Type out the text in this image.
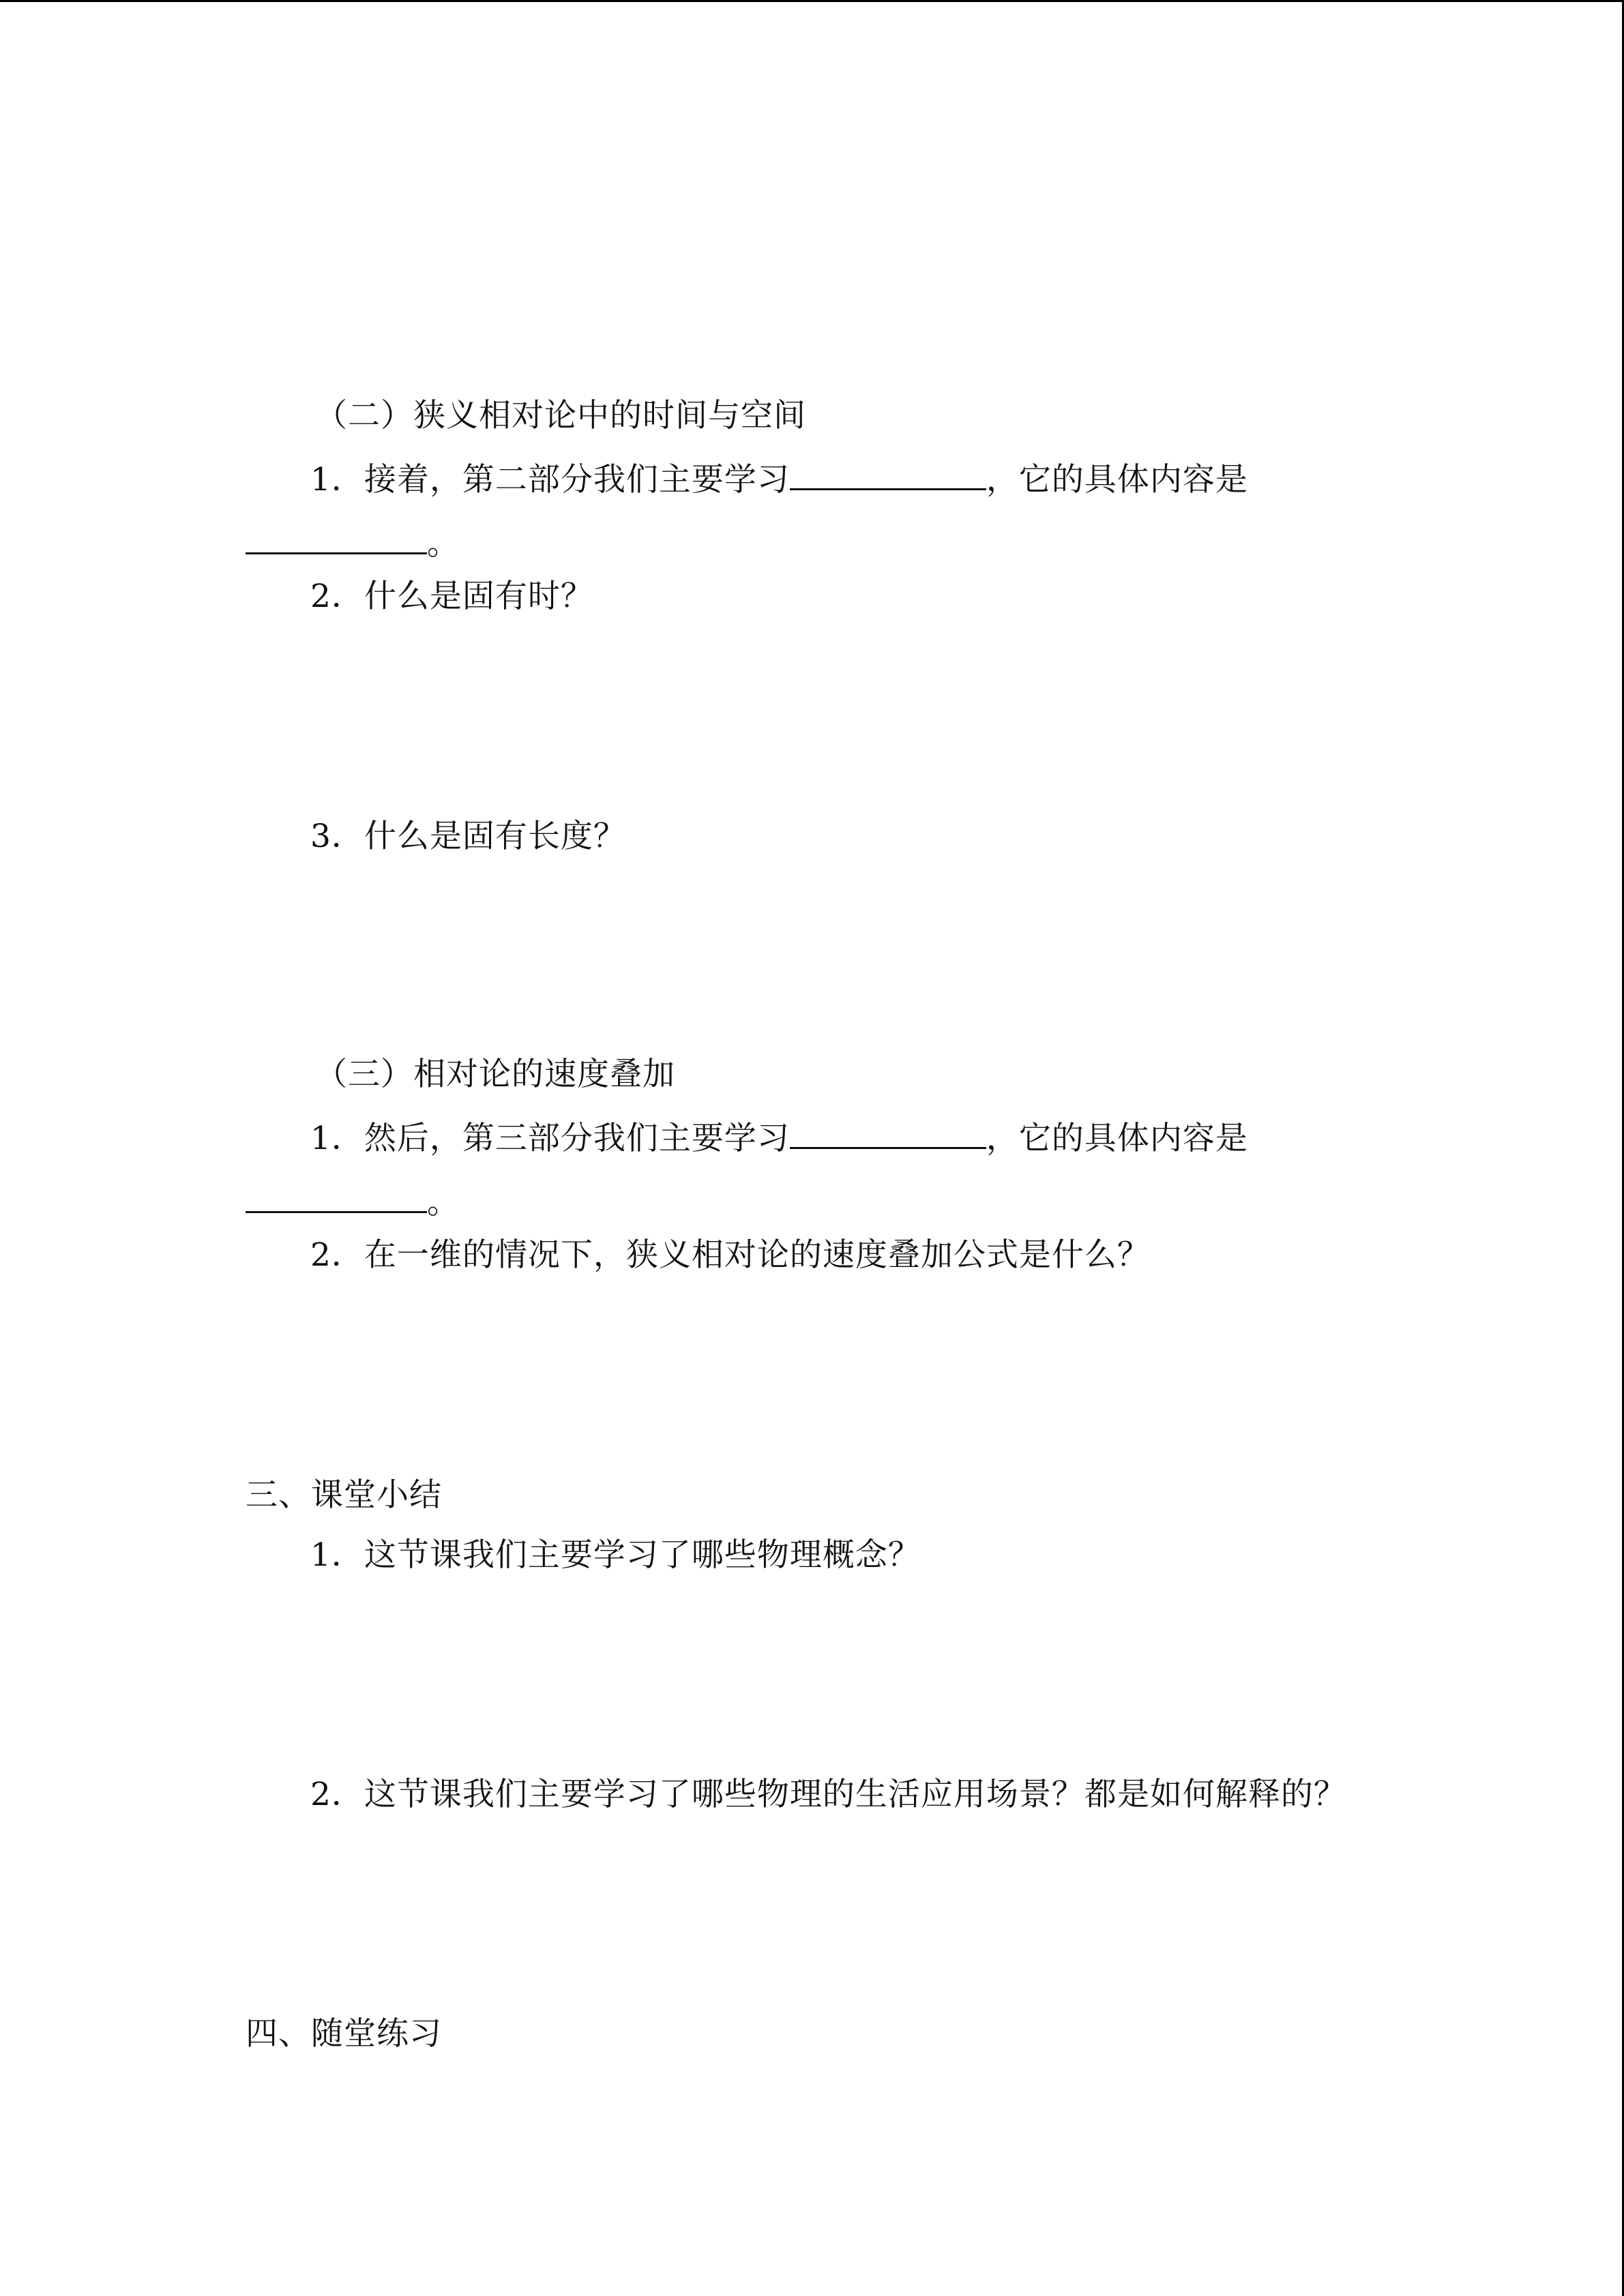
（二）狭义相对论中的时间与空间
1．接着，第二部分我们主要学习	，它的具体内容是
。
2．什么是固有时？
3．什么是固有长度？
（三）相对论的速度叠加
1．然后，第三部分我们主要学习	，它的具体内容是
。
2．在一维的情况下，狭义相对论的速度叠加公式是什么？
三、课堂小结
1．这节课我们主要学习了哪些物理概念？
2．这节课我们主要学习了哪些物理的生活应用场景？都是如何解释的？
四、随堂练习
